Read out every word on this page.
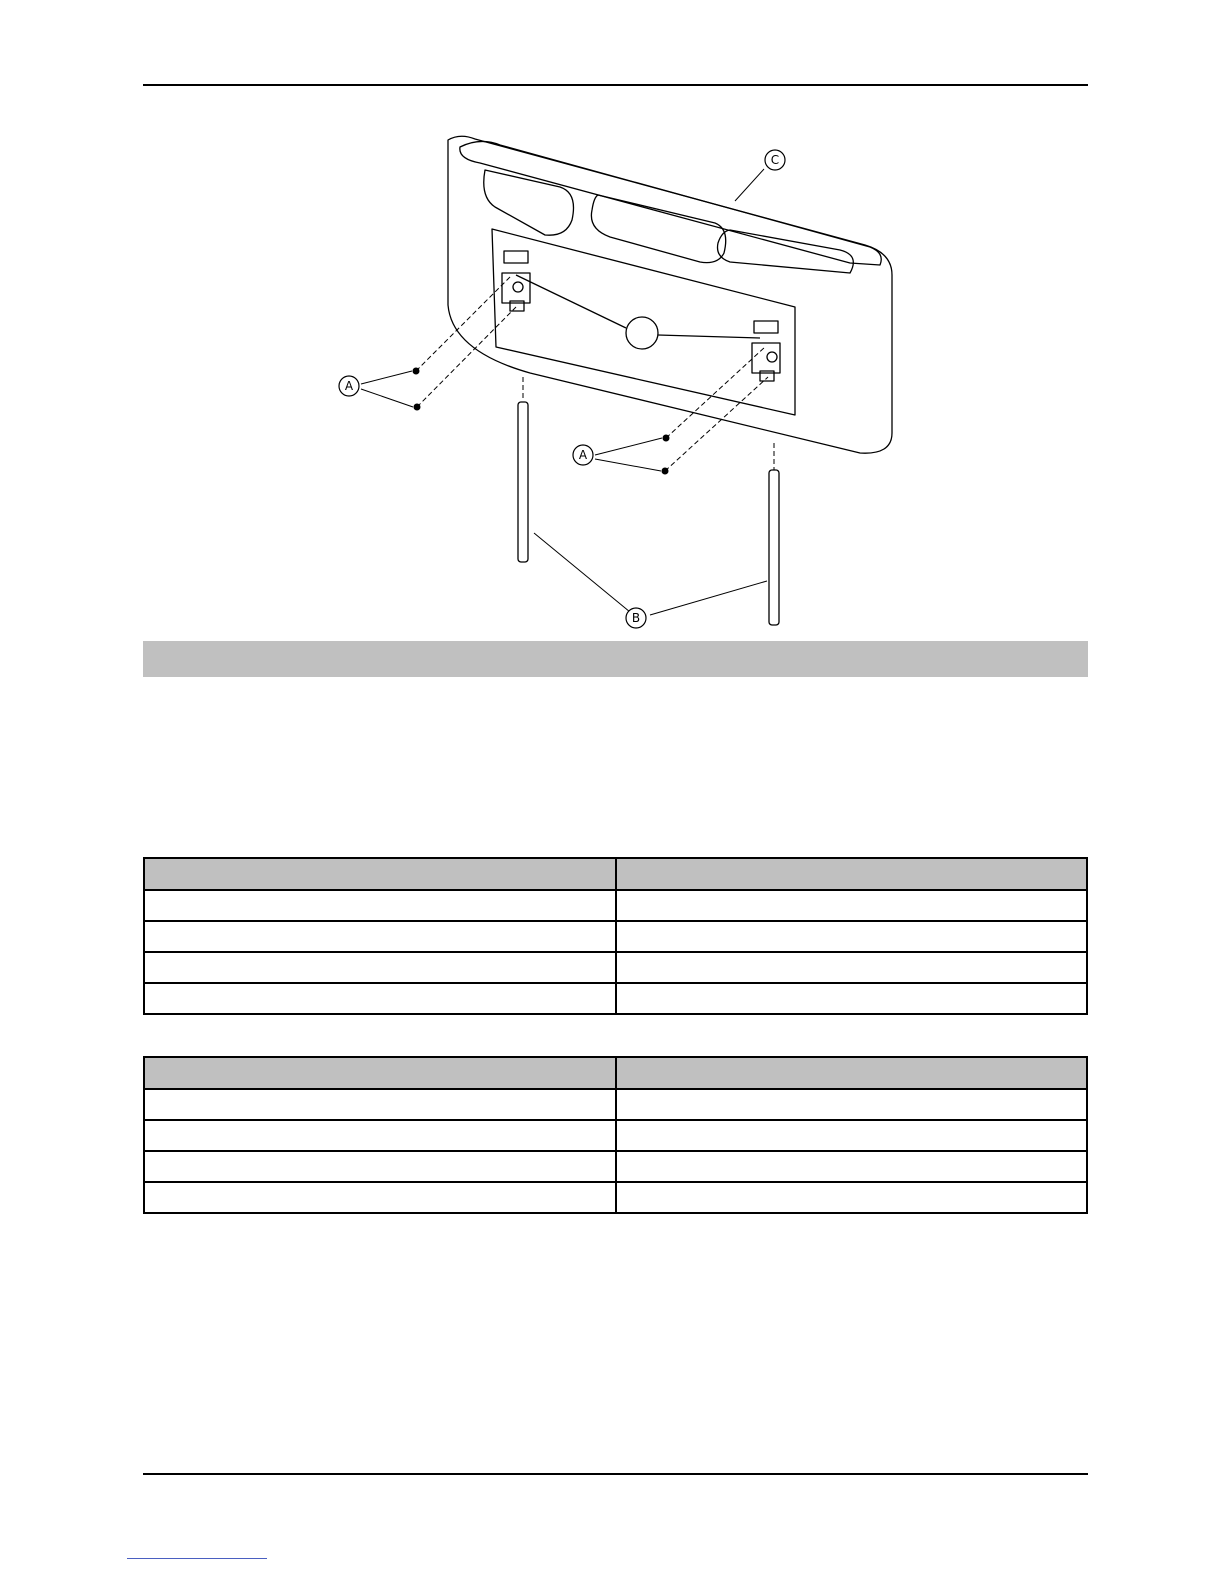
A
A
B
C
